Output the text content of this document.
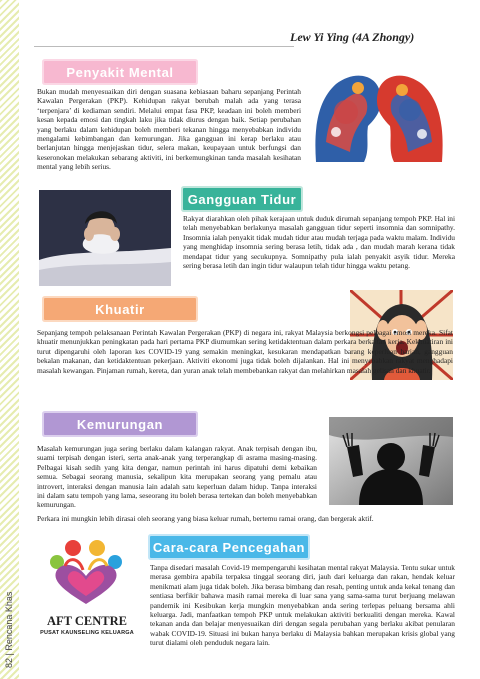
82 | Rencana Khas
Lew Yi Ying (4A Zhongy)
Penyakit Mental
Bukan mudah menyesuaikan diri dengan suasana kebiasaan baharu sepanjang Perintah Kawalan Pergerakan (PKP). Kehidupan rakyat berubah malah ada yang terasa ‘terpenjara’ di kediaman sendiri. Melalui empat fasa PKP, keadaan ini boleh memberi kesan kepada emosi dan tingkah laku jika tidak diurus dengan baik. Setiap perubahan yang berlaku dalam kehidupan boleh memberi tekanan hingga menyebabkan individu mengalami kebimbangan dan kemurungan. Jika gangguan ini kerap berlaku atau berlanjutan hingga menjejaskan tidur, selera makan, keupayaan untuk berfungsi dan keseronokan melakukan sebarang aktiviti, ini berkemungkinan tanda masalah kesihatan mental yang lebih serius.
Gangguan Tidur
Rakyat diarahkan oleh pihak kerajaan untuk duduk dirumah sepanjang tempoh PKP. Hal ini telah menyebabkan berlakunya masalah gangguan tidur seperti insomnia dan somnipathy. Insomnia ialah penyakit tidak mudah tidur atau mudah terjaga pada waktu malam. Individu yang menghidap insomnia sering berasa letih, tidak ada , dan mudah marah kerana tidak mendapat tidur yang secukupnya. Somnipathy pula ialah penyakit asyik tidur. Mereka sering berasa letih dan ingin tidur walaupun telah tidur hingga waktu petang.
Khuatir
Sepanjang tempoh pelaksanaan Perintah Kawalan Pergerakan (PKP) di negara ini, rakyat Malaysia berkongsi pelbagai emosi mereka. Sifat khuatir menunjukkan peningkatan pada hari pertama PKP diumumkan sering ketidaktentuan dalam perkara berkaitan kerja. Kekhuatiran ini turut dipengaruhi oleh laporan kes COVID-19 yang semakin meningkat, kesukaran mendapatkan barang keperluan harian, gangguan bekalan makanan, dan ketidaktentuan pekerjaan. Aktiviti ekonomi juga tidak boleh dijalankan. Hal ini menyebabkan rakyat menghadapi masalah kewangan. Pinjaman rumah, kereta, dan yuran anak telah membebankan rakyat dan melahirkan masalah gelisah dan khuatir.
Kemurungan
Masalah kemurungan juga sering berlaku dalam kalangan rakyat. Anak terpisah dengan ibu, suami terpisah dengan isteri, serta anak-anak yang terperangkap di asrama masing-masing. Pelbagai kisah sedih yang kita dengar, namun perintah ini harus dipatuhi demi kebaikan semua. Sebagai seorang manusia, sekalipun kita merupakan seorang yang pemalu atau introvert, interaksi dengan manusia lain adalah satu keperluan dalam hidup. Tanpa interaksi ini dalam satu tempoh yang lama, seseorang itu boleh berasa tertekan dan boleh menyebabkan kemurungan.
Perkara ini mungkin lebih dirasai oleh seorang yang biasa keluar rumah, bertemu ramai orang, dan bergerak aktif.
AFT CENTRE
PUSAT KAUNSELING KELUARGA
Cara-cara Pencegahan
Tanpa disedari masalah Covid-19 mempengaruhi kesihatan mental rakyat Malaysia. Tentu sukar untuk merasa gembira apabila terpaksa tinggal seorang diri, jauh dari keluarga dan rakan, hendak keluar menikmati alam juga tidak boleh. Jika berasa bimbang dan resah, penting untuk anda kekal tenang dan sentiasa berfikir bahawa masih ramai mereka di luar sana yang sama-sama turut berjuang melawan pandemik ini Kesibukan kerja mungkin menyebabkan anda sering terlepas peluang bersama ahli keluarga. Jadi, manfaatkan tempoh PKP untuk melakukan aktiviti berkualiti dengan mereka. Kawal tekanan anda dan belajar menyesuaikan diri dengan segala perubahan yang berlaku akibat penularan wabak COVID-19. Situasi ini bukan hanya berlaku di Malaysia bahkan merupakan krisis global yang turut dialami oleh penduduk negara lain.
